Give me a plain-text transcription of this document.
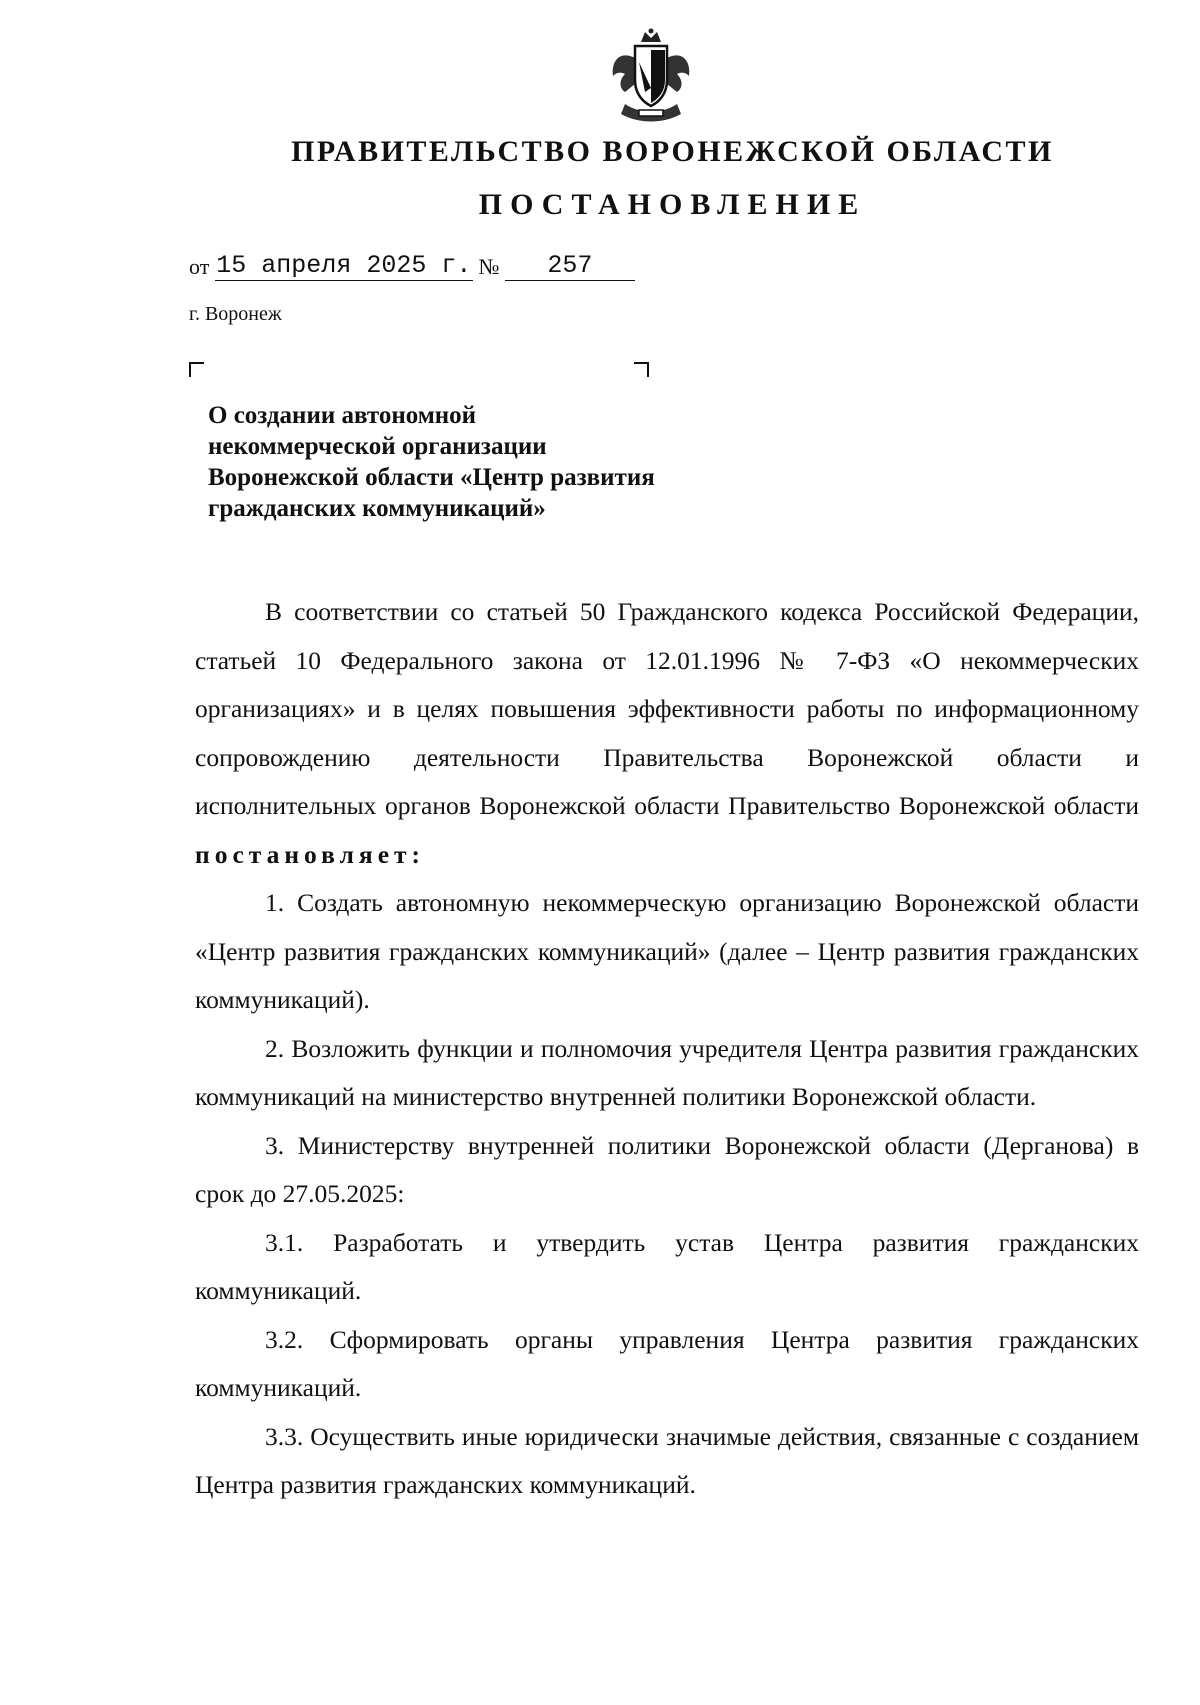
ПРАВИТЕЛЬСТВО ВОРОНЕЖСКОЙ ОБЛАСТИ
ПОСТАНОВЛЕНИЕ
от 15 апреля 2025 г. № 257
г. Воронеж
О создании автономной
некоммерческой организации
Воронежской области «Центр развития
гражданских коммуникаций»

В соответствии со статьей 50 Гражданского кодекса Российской Федерации, статьей 10 Федерального закона от 12.01.1996 № 7-ФЗ «О некоммерческих организациях» и в целях повышения эффективности работы по информационному сопровождению деятельности Правительства Воронежской области и исполнительных органов Воронежской области Правительство Воронежской области постановляет:

1. Создать автономную некоммерческую организацию Воронежской области «Центр развития гражданских коммуникаций» (далее – Центр развития гражданских коммуникаций).

2. Возложить функции и полномочия учредителя Центра развития гражданских коммуникаций на министерство внутренней политики Воронежской области.

3. Министерству внутренней политики Воронежской области (Дерганова) в срок до 27.05.2025:

3.1. Разработать и утвердить устав Центра развития гражданских коммуникаций.

3.2. Сформировать органы управления Центра развития гражданских коммуникаций.

3.3. Осуществить иные юридически значимые действия, связанные с созданием Центра развития гражданских коммуникаций.
